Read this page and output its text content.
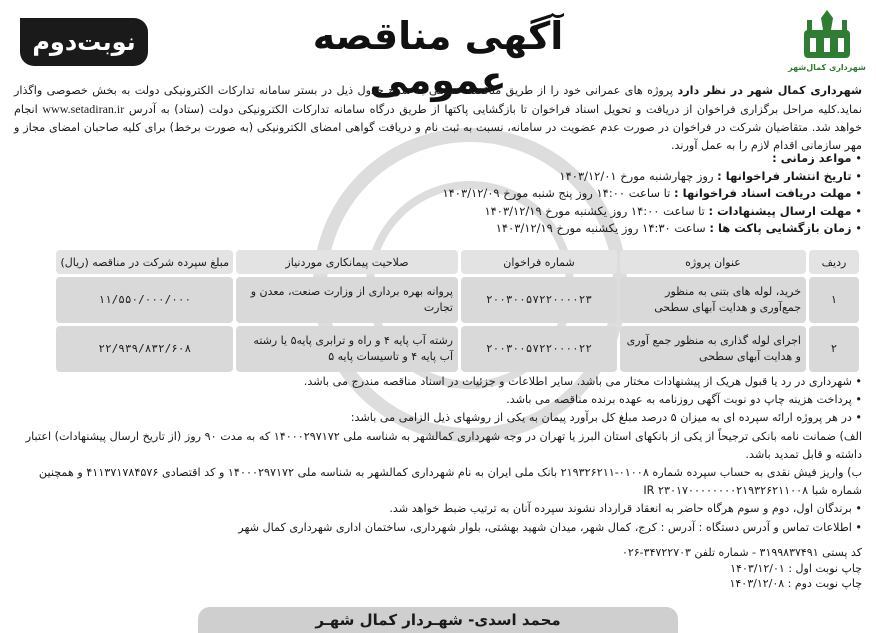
شهرداری کمال‌شهر
آگهی مناقصه عمومی
نوبت‌دوم
شهرداری کمال شهر در نظر دارد پروژه های عمرانی خود را از طریق مناقصه عمومی به شرح جدول ذیل در بستر سامانه تدارکات الکترونیکی دولت به بخش خصوصی واگذار نماید.کلیه مراحل برگزاری فراخوان از دریافت و تحویل اسناد فراخوان تا بازگشایی پاکتها از طریق درگاه سامانه تدارکات الکترونیکی دولت (ستاد) به آدرس www.setadiran.ir انجام خواهد شد. متقاضیان شرکت در فراخوان در صورت عدم عضویت در سامانه، نسبت به ثبت نام و دریافت گواهی امضای الکترونیکی (به صورت برخط) برای کلیه صاحبان امضای مجاز و مهر سازمانی اقدام لازم را به عمل آورند.
• مواعد زمانی :
• تاریخ انتشار فراخوانها : روز چهارشنبه مورخ ۱۴۰۳/۱۲/۰۱
• مهلت دریافت اسناد فراخوانها : تا ساعت ۱۴:۰۰ روز پنج شنبه مورخ ۱۴۰۳/۱۲/۰۹
• مهلت ارسال پیشنهادات : تا ساعت ۱۴:۰۰ روز یکشنبه مورخ ۱۴۰۳/۱۲/۱۹
• زمان بازگشایی پاکت ها : ساعت ۱۴:۳۰ روز یکشنبه مورخ ۱۴۰۳/۱۲/۱۹
ردیف	عنوان پروژه	شماره فراخوان	صلاحیت پیمانکاری موردنیاز	مبلغ سپرده شرکت در مناقصه (ریال)
۱	خرید، لوله های بتنی به منظور جمع‌آوری و هدایت آبهای سطحی	۲۰۰۳۰۰۵۷۲۲۰۰۰۰۲۳	پروانه بهره برداری از وزارت صنعت، معدن و تجارت	۱۱/۵۵۰/۰۰۰/۰۰۰
۲	اجرای لوله گذاری به منظور جمع آوری و هدایت آبهای سطحی	۲۰۰۳۰۰۵۷۲۲۰۰۰۰۲۲	رشته آب پایه ۴ و راه و ترابری پایه۵ یا رشته آب پایه ۴ و تاسیسات پایه ۵	۲۲/۹۳۹/۸۳۲/۶۰۸
• شهرداری در رد یا قبول هریک از پیشنهادات مختار می باشد. سایر اطلاعات و جزئیات در اسناد مناقصه مندرج می باشد.
• پرداخت هزینه چاپ دو نوبت آگهی روزنامه به عهده برنده مناقصه می باشد.
• در هر پروژه ارائه سپرده ای به میزان ۵ درصد مبلغ کل برآورد پیمان به یکی از روشهای ذیل الزامی می باشد:
الف) ضمانت نامه بانکی ترجیحاً از یکی از بانکهای استان البرز یا تهران در وجه شهرداری کمالشهر به شناسه ملی ۱۴۰۰۰۲۹۷۱۷۲ که به مدت ۹۰ روز (از تاریخ ارسال پیشنهادات) اعتبار داشته و قابل تمدید باشد.
ب) واریز فیش نقدی به حساب سپرده شماره ۰۱۰۰۸-۲۱۹۳۲۶۲۱۱ بانک ملی ایران به نام شهرداری کمالشهر به شناسه ملی ۱۴۰۰۰۲۹۷۱۷۲ و کد اقتصادی ۴۱۱۳۷۱۷۸۴۵۷۶ و همچنین شماره شبا IR ۲۳۰۱۷۰۰۰۰۰۰۰۰۲۱۹۳۲۶۲۱۱۰۰۸
• برندگان اول، دوم و سوم هرگاه حاضر به انعقاد قرارداد نشوند سپرده آنان به ترتیب ضبط خواهد شد.
• اطلاعات تماس و آدرس دستگاه : آدرس : کرج، کمال شهر، میدان شهید بهشتی، بلوار شهرداری، ساختمان اداری شهرداری کمال شهر
کد پستی ۳۱۹۹۸۳۷۴۹۱ - شماره تلفن ۳۴۷۲۲۷۰۳-۰۲۶
چاپ نوبت اول : ۱۴۰۳/۱۲/۰۱
چاپ نوبت دوم : ۱۴۰۳/۱۲/۰۸
محمد اسدی- شهـردار کمال شهـر
